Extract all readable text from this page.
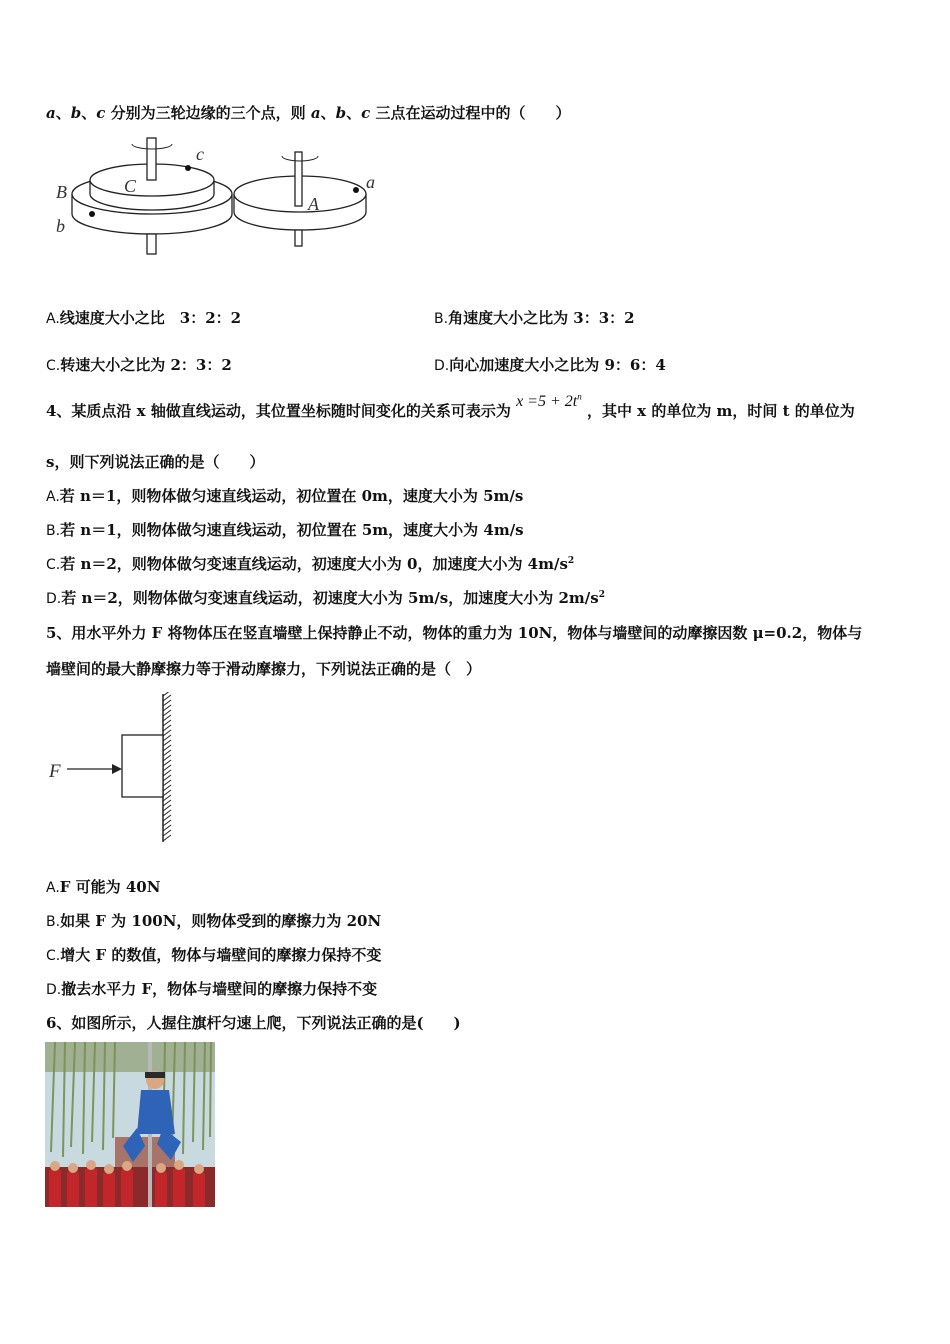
a、b、c 分别为三轮边缘的三个点，则 a、b、c 三点在运动过程中的（　　）
c
C
B
b
a
A
A.线速度大小之比　3：2：2	B.角速度大小之比为 3：3：2
C.转速大小之比为 2：3：2	D.向心加速度大小之比为 9：6：4
4、某质点沿 x 轴做直线运动，其位置坐标随时间变化的关系可表示为 $x =5 + 2t^n$ ，其中 x 的单位为 m，时间 t 的单位为
s，则下列说法正确的是（　　）
A.若 n＝1，则物体做匀速直线运动，初位置在 0m，速度大小为 5m/s
B.若 n＝1，则物体做匀速直线运动，初位置在 5m，速度大小为 4m/s
C.若 n＝2，则物体做匀变速直线运动，初速度大小为 0，加速度大小为 $4m/s^2$
D.若 n＝2，则物体做匀变速直线运动，初速度大小为 5m/s，加速度大小为 $2m/s^2$
5、用水平外力 F 将物体压在竖直墙壁上保持静止不动，物体的重力为 10N，物体与墙壁间的动摩擦因数 μ=0.2，物体与
墙壁间的最大静摩擦力等于滑动摩擦力，下列说法正确的是（　）
F
A.F 可能为 40N
B.如果 F 为 100N，则物体受到的摩擦力为 20N
C.增大 F 的数值，物体与墙壁间的摩擦力保持不变
D.撤去水平力 F，物体与墙壁间的摩擦力保持不变
6、如图所示，人握住旗杆匀速上爬，下列说法正确的是(　　)
